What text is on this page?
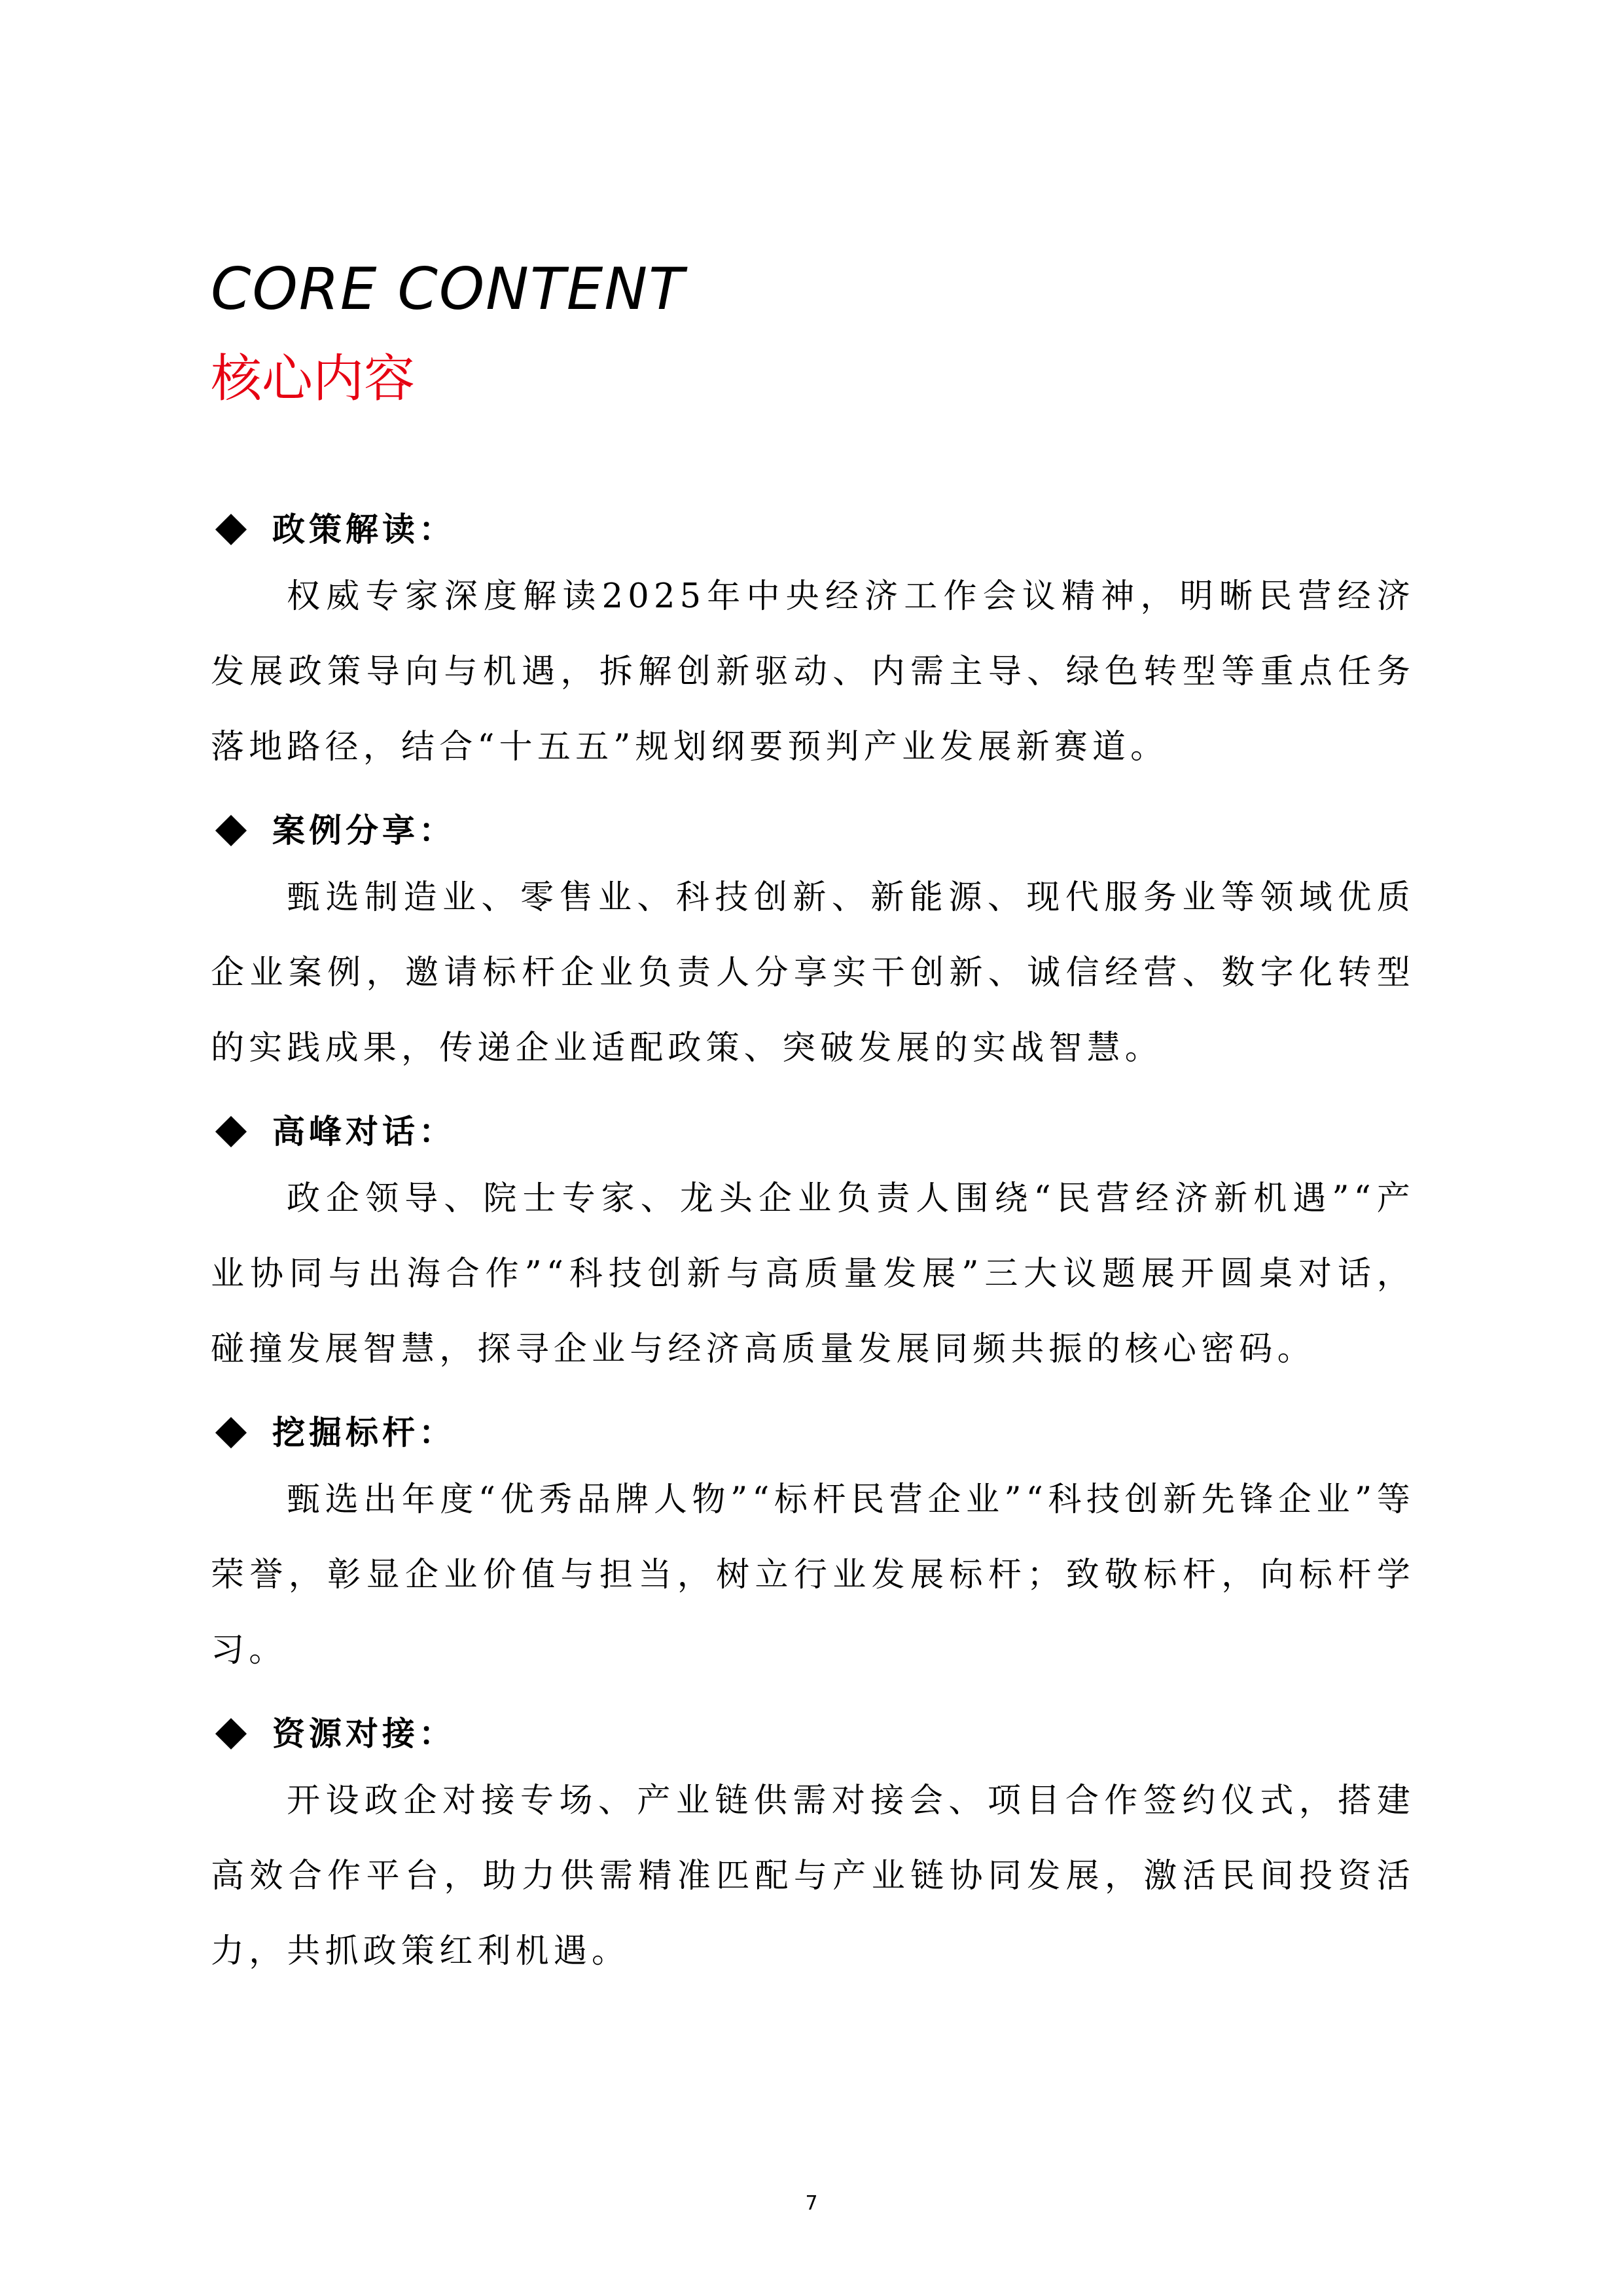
CORE CONTENT
核心内容
政策解读：

权威专家深度解读2025年中央经济工作会议精神，明晰民营经济发展政策导向与机遇，拆解创新驱动、内需主导、绿色转型等重点任务落地路径，结合“十五五”规划纲要预判产业发展新赛道。

案例分享：

甄选制造业、零售业、科技创新、新能源、现代服务业等领域优质企业案例，邀请标杆企业负责人分享实干创新、诚信经营、数字化转型的实践成果，传递企业适配政策、突破发展的实战智慧。

高峰对话：

政企领导、院士专家、龙头企业负责人围绕“民营经济新机遇”“产业协同与出海合作”“科技创新与高质量发展”三大议题展开圆桌对话，碰撞发展智慧，探寻企业与经济高质量发展同频共振的核心密码。

挖掘标杆：

甄选出年度“优秀品牌人物”“标杆民营企业”“科技创新先锋企业”等荣誉，彰显企业价值与担当，树立行业发展标杆；致敬标杆，向标杆学习。

资源对接：

开设政企对接专场、产业链供需对接会、项目合作签约仪式，搭建高效合作平台，助力供需精准匹配与产业链协同发展，激活民间投资活力，共抓政策红利机遇。

7
